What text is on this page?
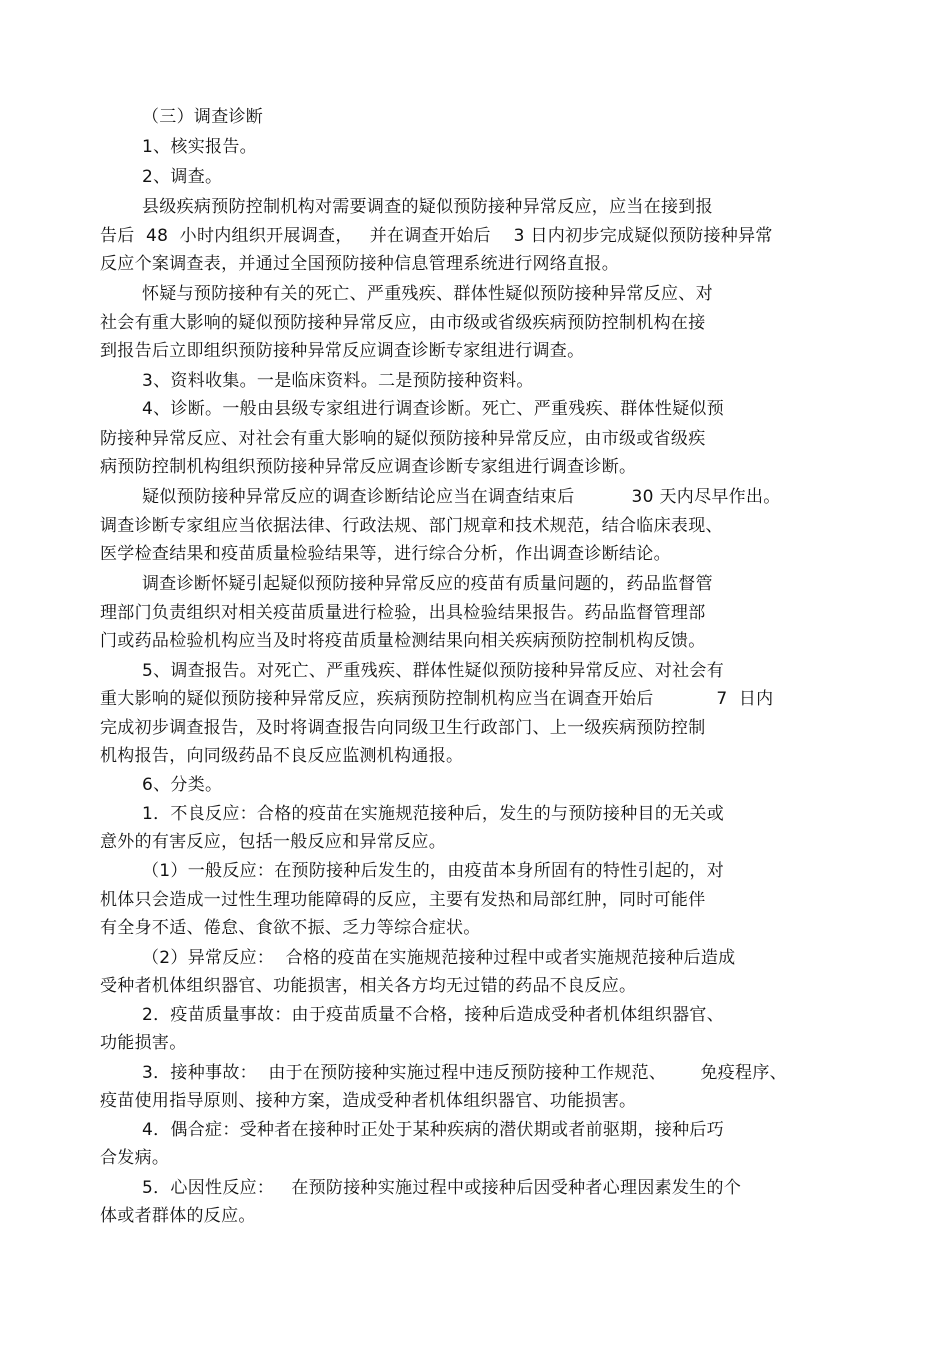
（三）调查诊断
1、核实报告。
2、调查。
县级疾病预防控制机构对需要调查的疑似预防接种异常反应，应当在接到报
告后  48  小时内组织开展调查，   并在调查开始后    3 日内初步完成疑似预防接种异常
反应个案调查表，并通过全国预防接种信息管理系统进行网络直报。
怀疑与预防接种有关的死亡、严重残疾、群体性疑似预防接种异常反应、对
社会有重大影响的疑似预防接种异常反应，由市级或省级疾病预防控制机构在接
到报告后立即组织预防接种异常反应调查诊断专家组进行调查。
3、资料收集。一是临床资料。二是预防接种资料。
4、诊断。一般由县级专家组进行调查诊断。死亡、严重残疾、群体性疑似预
防接种异常反应、对社会有重大影响的疑似预防接种异常反应，由市级或省级疾
病预防控制机构组织预防接种异常反应调查诊断专家组进行调查诊断。
疑似预防接种异常反应的调查诊断结论应当在调查结束后          30 天内尽早作出。
调查诊断专家组应当依据法律、行政法规、部门规章和技术规范，结合临床表现、
医学检查结果和疫苗质量检验结果等，进行综合分析，作出调查诊断结论。
调查诊断怀疑引起疑似预防接种异常反应的疫苗有质量问题的，药品监督管
理部门负责组织对相关疫苗质量进行检验，出具检验结果报告。药品监督管理部
门或药品检验机构应当及时将疫苗质量检测结果向相关疾病预防控制机构反馈。
5、调查报告。对死亡、严重残疾、群体性疑似预防接种异常反应、对社会有
重大影响的疑似预防接种异常反应，疾病预防控制机构应当在调查开始后           7  日内
完成初步调查报告，及时将调查报告向同级卫生行政部门、上一级疾病预防控制
机构报告，向同级药品不良反应监测机构通报。
6、分类。
1．不良反应：合格的疫苗在实施规范接种后，发生的与预防接种目的无关或
意外的有害反应，包括一般反应和异常反应。
（1）一般反应：在预防接种后发生的，由疫苗本身所固有的特性引起的，对
机体只会造成一过性生理功能障碍的反应，主要有发热和局部红肿，同时可能伴
有全身不适、倦怠、食欲不振、乏力等综合症状。
（2）异常反应：  合格的疫苗在实施规范接种过程中或者实施规范接种后造成
受种者机体组织器官、功能损害，相关各方均无过错的药品不良反应。
2．疫苗质量事故：由于疫苗质量不合格，接种后造成受种者机体组织器官、
功能损害。
3．接种事故：  由于在预防接种实施过程中违反预防接种工作规范、      免疫程序、
疫苗使用指导原则、接种方案，造成受种者机体组织器官、功能损害。
4．偶合症：受种者在接种时正处于某种疾病的潜伏期或者前驱期，接种后巧
合发病。
5．心因性反应：   在预防接种实施过程中或接种后因受种者心理因素发生的个
体或者群体的反应。
